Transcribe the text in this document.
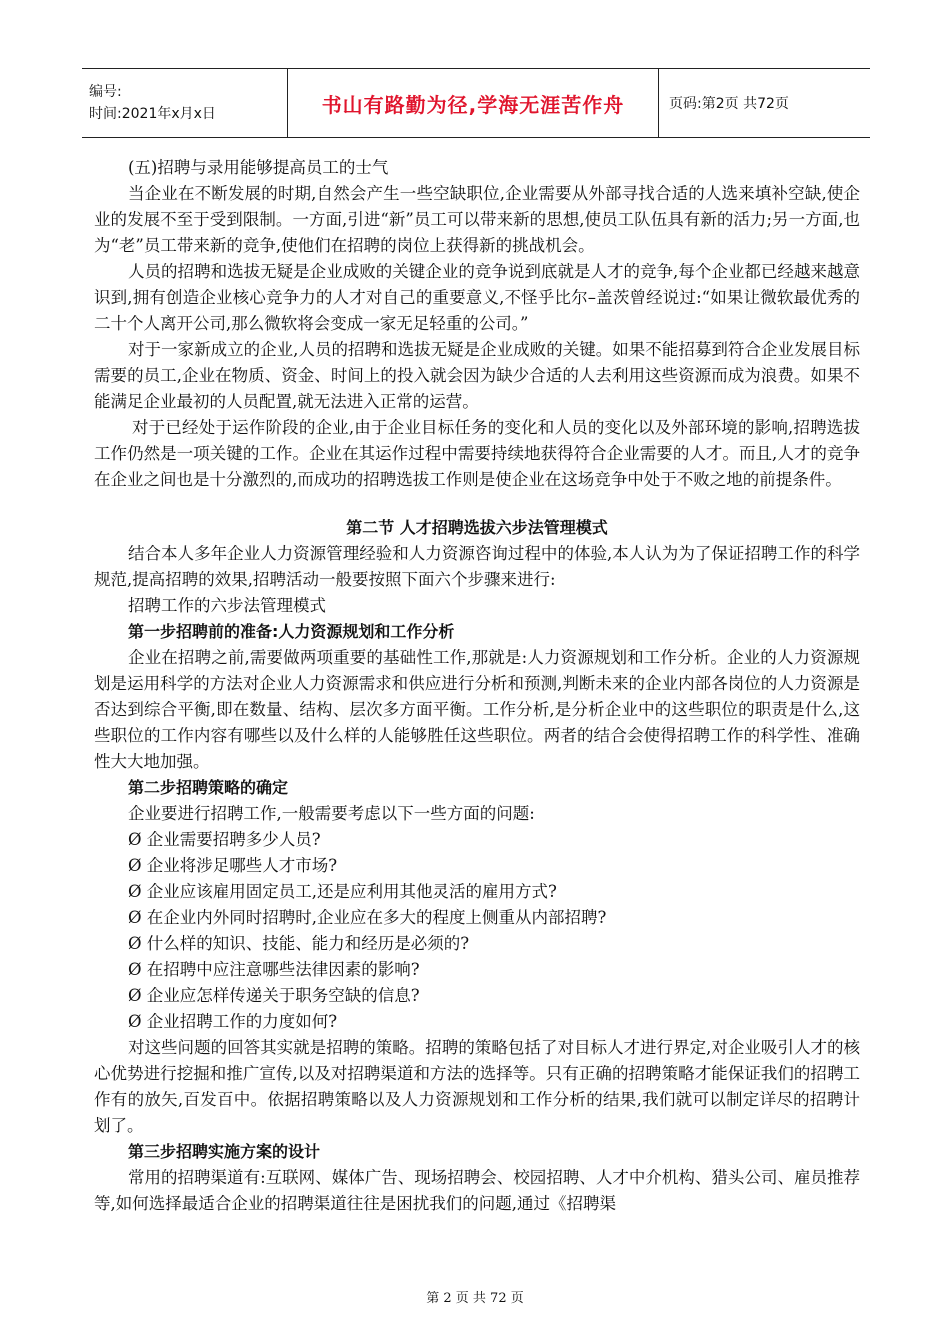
编号:
时间:2021年x月x日	书山有路勤为径,学海无涯苦作舟	页码:第2页 共72页

(五)招聘与录用能够提高员工的士气

当企业在不断发展的时期,自然会产生一些空缺职位,企业需要从外部寻找合适的人选来填补空缺,使企业的发展不至于受到限制。一方面,引进“新”员工可以带来新的思想,使员工队伍具有新的活力;另一方面,也为“老”员工带来新的竞争,使他们在招聘的岗位上获得新的挑战机会。

人员的招聘和选拔无疑是企业成败的关键企业的竞争说到底就是人才的竞争,每个企业都已经越来越意识到,拥有创造企业核心竞争力的人才对自己的重要意义,不怪乎比尔–盖茨曾经说过:“如果让微软最优秀的二十个人离开公司,那么微软将会变成一家无足轻重的公司。”

对于一家新成立的企业,人员的招聘和选拔无疑是企业成败的关键。如果不能招募到符合企业发展目标需要的员工,企业在物质、资金、时间上的投入就会因为缺少合适的人去利用这些资源而成为浪费。如果不能满足企业最初的人员配置,就无法进入正常的运营。

对于已经处于运作阶段的企业,由于企业目标任务的变化和人员的变化以及外部环境的影响,招聘选拔工作仍然是一项关键的工作。企业在其运作过程中需要持续地获得符合企业需要的人才。而且,人才的竞争在企业之间也是十分激烈的,而成功的招聘选拔工作则是使企业在这场竞争中处于不败之地的前提条件。

第二节 人才招聘选拔六步法管理模式

结合本人多年企业人力资源管理经验和人力资源咨询过程中的体验,本人认为为了保证招聘工作的科学规范,提高招聘的效果,招聘活动一般要按照下面六个步骤来进行:

招聘工作的六步法管理模式

第一步招聘前的准备:人力资源规划和工作分析

企业在招聘之前,需要做两项重要的基础性工作,那就是:人力资源规划和工作分析。企业的人力资源规划是运用科学的方法对企业人力资源需求和供应进行分析和预测,判断未来的企业内部各岗位的人力资源是否达到综合平衡,即在数量、结构、层次多方面平衡。工作分析,是分析企业中的这些职位的职责是什么,这些职位的工作内容有哪些以及什么样的人能够胜任这些职位。两者的结合会使得招聘工作的科学性、准确性大大地加强。

第二步招聘策略的确定

企业要进行招聘工作,一般需要考虑以下一些方面的问题:

Ø 企业需要招聘多少人员?

Ø 企业将涉足哪些人才市场?

Ø 企业应该雇用固定员工,还是应利用其他灵活的雇用方式?

Ø 在企业内外同时招聘时,企业应在多大的程度上侧重从内部招聘?

Ø 什么样的知识、技能、能力和经历是必须的?

Ø 在招聘中应注意哪些法律因素的影响?

Ø 企业应怎样传递关于职务空缺的信息?

Ø 企业招聘工作的力度如何?

对这些问题的回答其实就是招聘的策略。招聘的策略包括了对目标人才进行界定,对企业吸引人才的核心优势进行挖掘和推广宣传,以及对招聘渠道和方法的选择等。只有正确的招聘策略才能保证我们的招聘工作有的放矢,百发百中。依据招聘策略以及人力资源规划和工作分析的结果,我们就可以制定详尽的招聘计划了。

第三步招聘实施方案的设计

常用的招聘渠道有:互联网、媒体广告、现场招聘会、校园招聘、人才中介机构、猎头公司、雇员推荐等,如何选择最适合企业的招聘渠道往往是困扰我们的问题,通过《招聘渠

第 2 页 共 72 页
